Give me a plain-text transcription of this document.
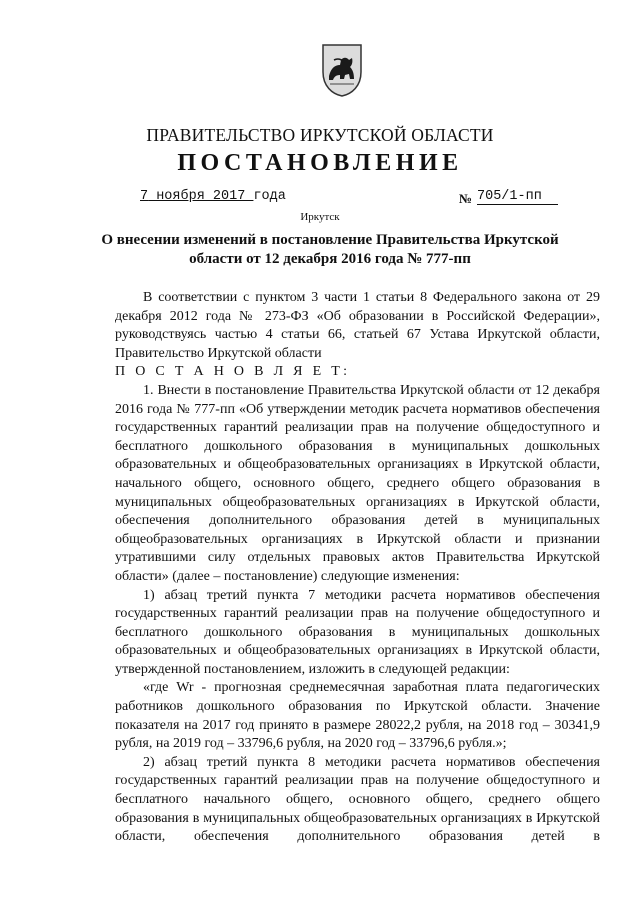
ПРАВИТЕЛЬСТВО ИРКУТСКОЙ ОБЛАСТИ
ПОСТАНОВЛЕНИЕ
7 ноября 2017 года	№ 705/1-пп
Иркутск
О внесении изменений в постановление Правительства Иркутской области от 12 декабря 2016 года № 777-пп

В соответствии с пунктом 3 части 1 статьи 8 Федерального закона от 29 декабря 2012 года № 273-ФЗ «Об образовании в Российской Федерации», руководствуясь частью 4 статьи 66, статьей 67 Устава Иркутской области, Правительство Иркутской области

П О С Т А Н О В Л Я Е Т:

1. Внести в постановление Правительства Иркутской области от 12 декабря 2016 года № 777-пп «Об утверждении методик расчета нормативов обеспечения государственных гарантий реализации прав на получение общедоступного и бесплатного дошкольного образования в муниципальных дошкольных образовательных и общеобразовательных организациях в Иркутской области, начального общего, основного общего, среднего общего образования в муниципальных общеобразовательных организациях в Иркутской области, обеспечения дополнительного образования детей в муниципальных общеобразовательных организациях в Иркутской области и признании утратившими силу отдельных правовых актов Правительства Иркутской области» (далее – постановление) следующие изменения:

1) абзац третий пункта 7 методики расчета нормативов обеспечения государственных гарантий реализации прав на получение общедоступного и бесплатного дошкольного образования в муниципальных дошкольных образовательных и общеобразовательных организациях в Иркутской области, утвержденной постановлением, изложить в следующей редакции:

«где Wr - прогнозная среднемесячная заработная плата педагогических работников дошкольного образования по Иркутской области. Значение показателя на 2017 год принято в размере 28022,2 рубля, на 2018 год – 30341,9 рубля, на 2019 год – 33796,6 рубля, на 2020 год – 33796,6 рубля.»;

2) абзац третий пункта 8 методики расчета нормативов обеспечения государственных гарантий реализации прав на получение общедоступного и бесплатного начального общего, основного общего, среднего общего образования в муниципальных общеобразовательных организациях в Иркутской области, обеспечения дополнительного образования детей в
